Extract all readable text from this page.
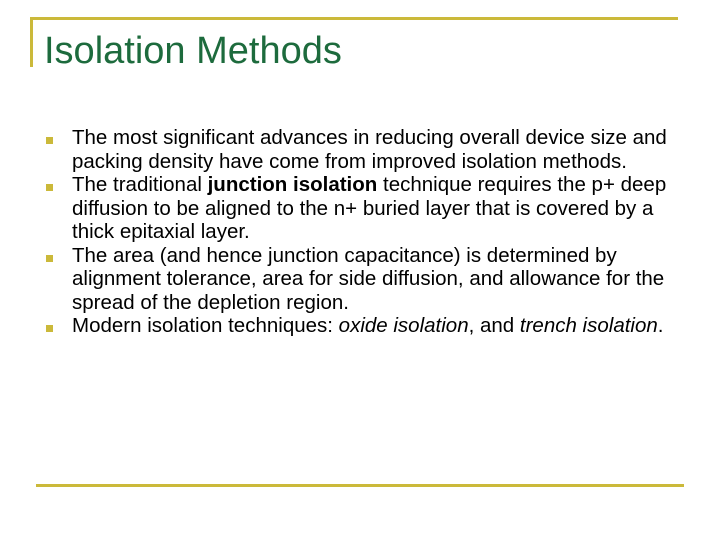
Isolation Methods
The most significant advances in reducing overall device size and packing density have come from improved isolation methods.
The traditional junction isolation technique requires the p+ deep diffusion to be aligned to the n+ buried layer that is covered by a thick epitaxial layer.
The area (and hence junction capacitance) is determined by alignment tolerance, area for side diffusion, and allowance for the spread of the depletion region.
Modern isolation techniques: oxide isolation, and trench isolation.
